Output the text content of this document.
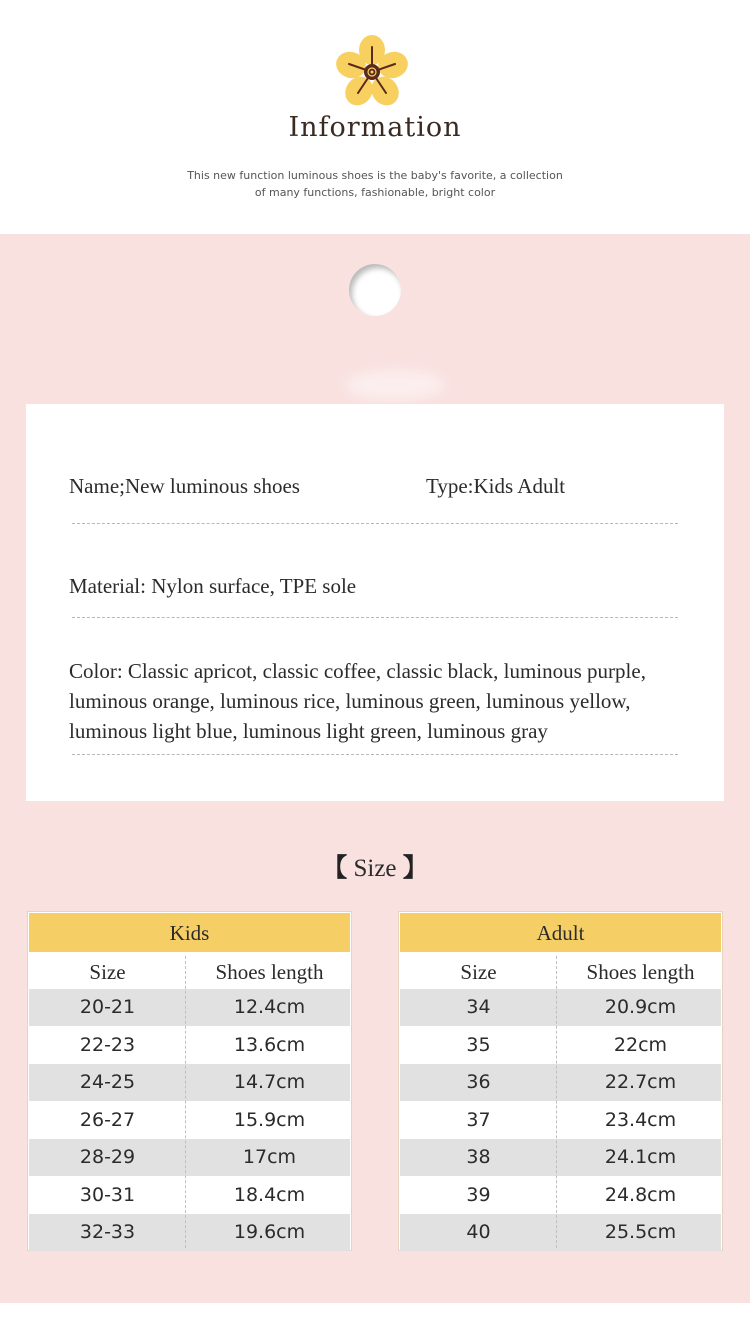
Information
This new function luminous shoes is the baby's favorite, a collection
of many functions, fashionable, bright color
Name;New luminous shoes	Type:Kids Adult
Material: Nylon surface, TPE sole
Color: Classic apricot, classic coffee, classic black, luminous purple,
luminous orange, luminous rice, luminous green, luminous yellow,
luminous light blue, luminous light green, luminous gray
【 Size 】
Kids
Size	Shoes length
20-21	12.4cm
22-23	13.6cm
24-25	14.7cm
26-27	15.9cm
28-29	17cm
30-31	18.4cm
32-33	19.6cm
Adult
Size	Shoes length
34	20.9cm
35	22cm
36	22.7cm
37	23.4cm
38	24.1cm
39	24.8cm
40	25.5cm
